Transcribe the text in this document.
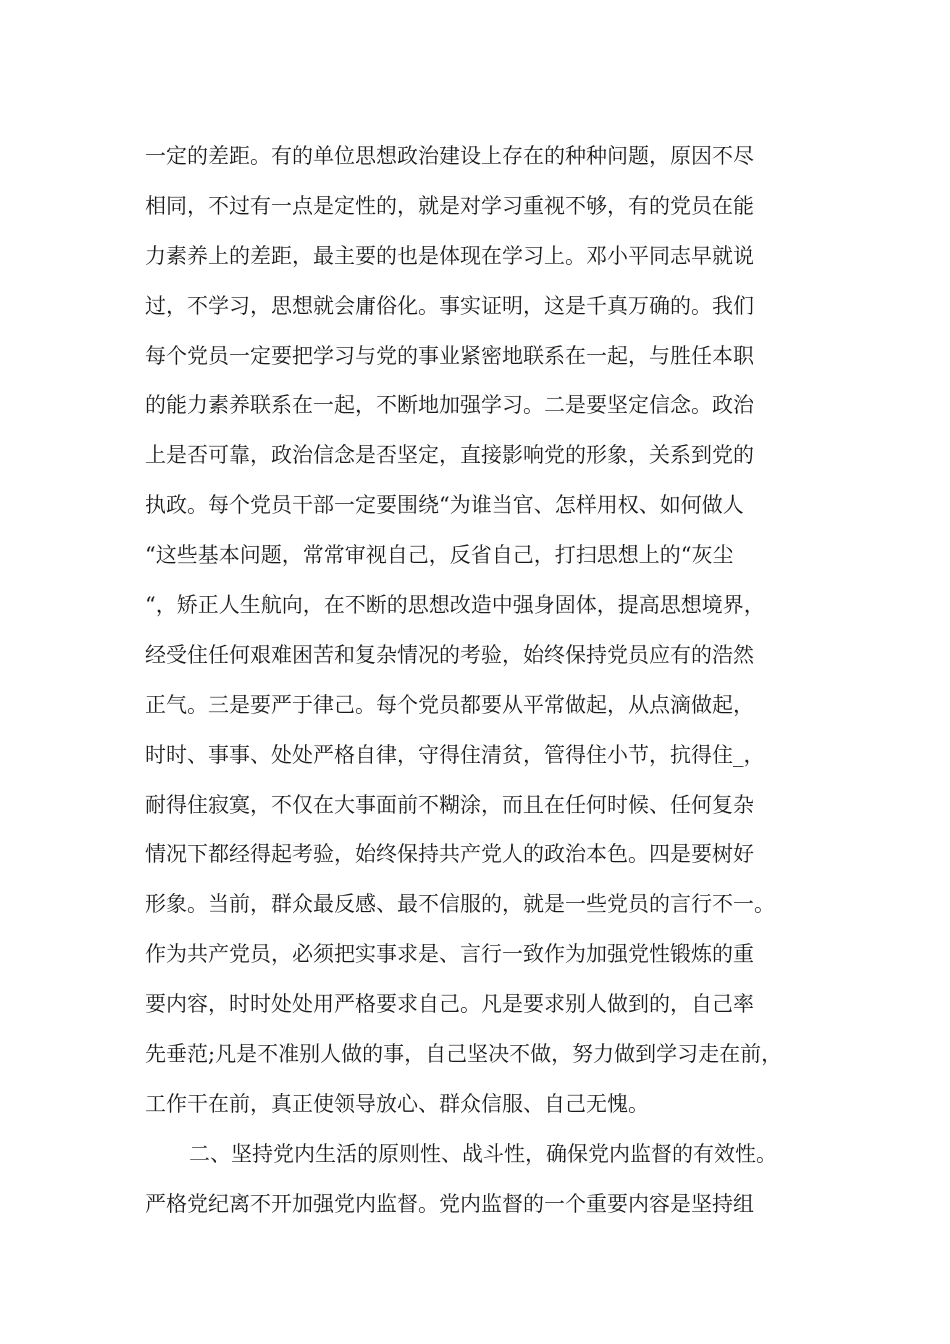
一定的差距。有的单位思想政治建设上存在的种种问题，原因不尽
相同，不过有一点是定性的，就是对学习重视不够，有的党员在能
力素养上的差距，最主要的也是体现在学习上。邓小平同志早就说
过，不学习，思想就会庸俗化。事实证明，这是千真万确的。我们
每个党员一定要把学习与党的事业紧密地联系在一起，与胜任本职
的能力素养联系在一起，不断地加强学习。二是要坚定信念。政治
上是否可靠，政治信念是否坚定，直接影响党的形象，关系到党的
执政。每个党员干部一定要围绕“为谁当官、怎样用权、如何做人
“这些基本问题，常常审视自己，反省自己，打扫思想上的“灰尘
“，矫正人生航向，在不断的思想改造中强身固体，提高思想境界，
经受住任何艰难困苦和复杂情况的考验，始终保持党员应有的浩然
正气。三是要严于律己。每个党员都要从平常做起，从点滴做起，
时时、事事、处处严格自律，守得住清贫，管得住小节，抗得住_，
耐得住寂寞，不仅在大事面前不糊涂，而且在任何时候、任何复杂
情况下都经得起考验，始终保持共产党人的政治本色。四是要树好
形象。当前，群众最反感、最不信服的，就是一些党员的言行不一。
作为共产党员，必须把实事求是、言行一致作为加强党性锻炼的重
要内容，时时处处用严格要求自己。凡是要求别人做到的，自己率
先垂范;凡是不准别人做的事，自己坚决不做，努力做到学习走在前，
工作干在前，真正使领导放心、群众信服、自己无愧。
二、坚持党内生活的原则性、战斗性，确保党内监督的有效性。
严格党纪离不开加强党内监督。党内监督的一个重要内容是坚持组
